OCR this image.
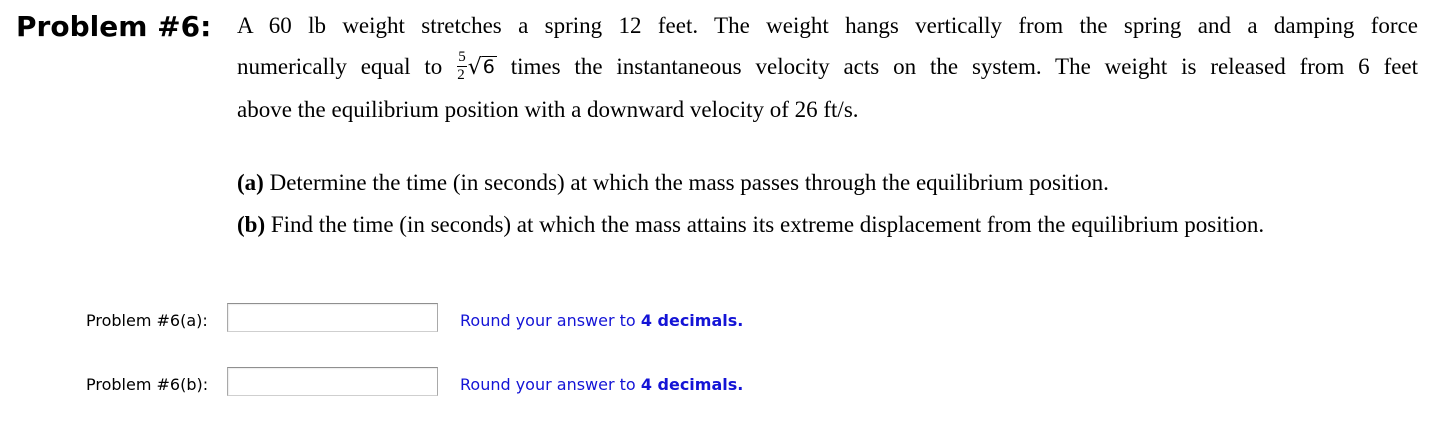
Problem #6: A 60 lb weight stretches a spring 12 feet. The weight hangs vertically from the spring and a damping force
numerically equal to $\frac{5}{2}$ √ 6 times the instantaneous velocity acts on the system. The weight is released from 6 feet
above the equilibrium position with a downward velocity of 26 ft/s.
(a) Determine the time (in seconds) at which the mass passes through the equilibrium position.
(b) Find the time (in seconds) at which the mass attains its extreme displacement from the equilibrium position.
Problem #6(a):	Round your answer to 4 decimals.
Problem #6(b):	Round your answer to 4 decimals.
